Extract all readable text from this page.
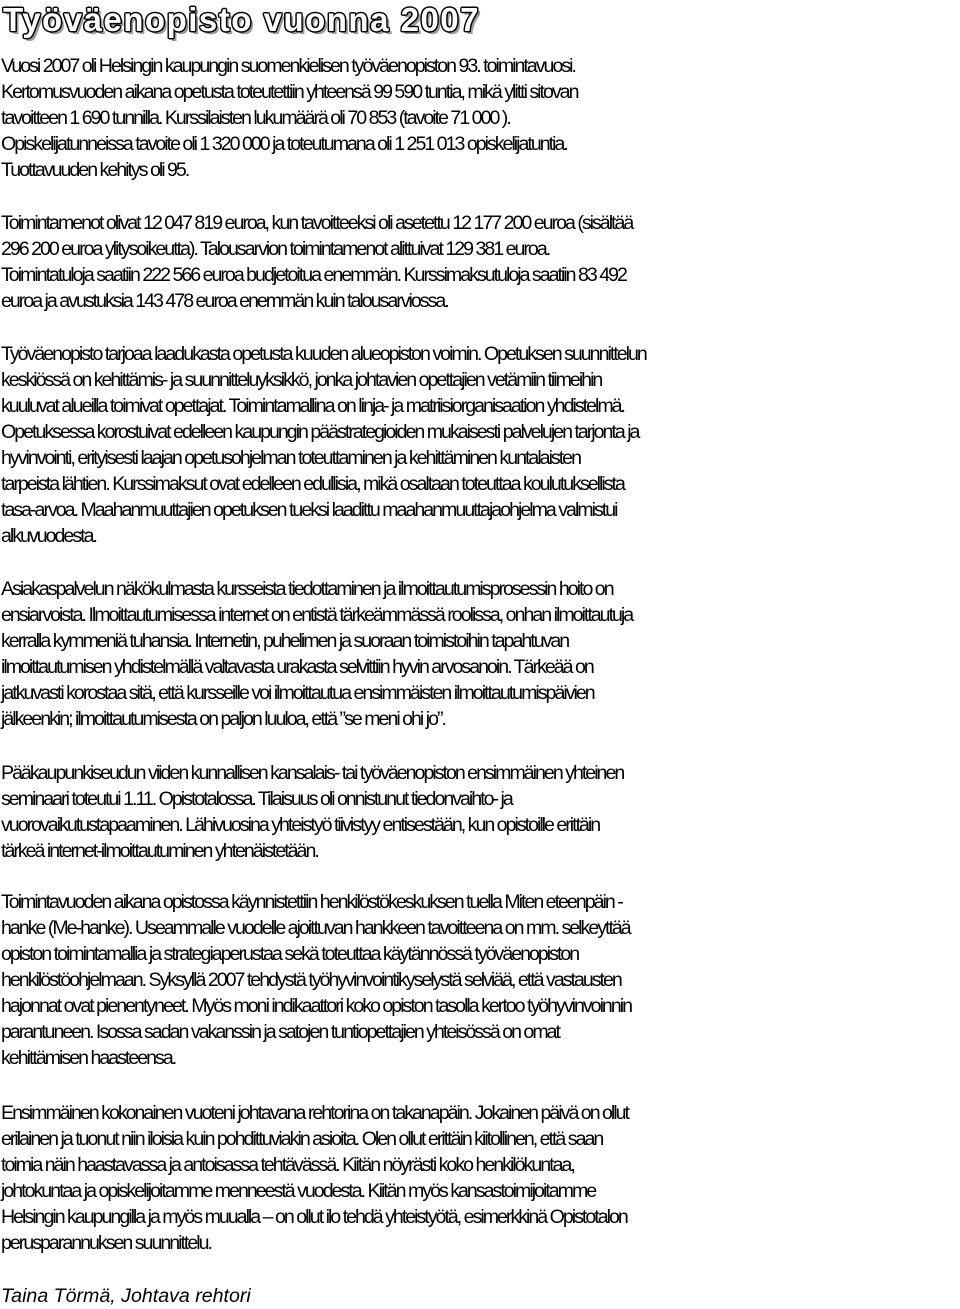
Työväenopisto vuonna 2007
Vuosi 2007 oli Helsingin kaupungin suomenkielisen työväenopiston 93. toimintavuosi.
Kertomusvuoden aikana opetusta toteutettiin yhteensä 99 590 tuntia, mikä ylitti sitovan
tavoitteen 1 690 tunnilla. Kurssilaisten lukumäärä oli 70 853 (tavoite 71 000 ).
Opiskelijatunneissa tavoite oli 1 320 000 ja toteutumana oli 1 251 013 opiskelijatuntia.
Tuottavuuden kehitys oli 95.
Toimintamenot olivat 12 047 819 euroa, kun tavoitteeksi oli asetettu 12 177 200 euroa (sisältää
296 200 euroa ylitysoikeutta). Talousarvion toimintamenot alittuivat 129 381 euroa.
Toimintatuloja saatiin 222 566 euroa budjetoitua enemmän. Kurssimaksutuloja saatiin 83 492
euroa ja avustuksia 143 478 euroa enemmän kuin talousarviossa.
Työväenopisto tarjoaa laadukasta opetusta kuuden alueopiston voimin. Opetuksen suunnittelun
keskiössä on kehittämis- ja suunnitteluyksikkö, jonka johtavien opettajien vetämiin tiimeihin
kuuluvat alueilla toimivat opettajat. Toimintamallina on linja- ja matriisiorganisaation yhdistelmä.
Opetuksessa korostuivat edelleen kaupungin päästrategioiden mukaisesti palvelujen tarjonta ja
hyvinvointi, erityisesti laajan opetusohjelman toteuttaminen ja kehittäminen kuntalaisten
tarpeista lähtien. Kurssimaksut ovat edelleen edullisia, mikä osaltaan toteuttaa koulutuksellista
tasa-arvoa. Maahanmuuttajien opetuksen tueksi laadittu maahanmuuttajaohjelma valmistui
alkuvuodesta.
Asiakaspalvelun näkökulmasta kursseista tiedottaminen ja ilmoittautumisprosessin hoito on
ensiarvoista. Ilmoittautumisessa internet on entistä tärkeämmässä roolissa, onhan ilmoittautuja
kerralla kymmeniä tuhansia. Internetin, puhelimen ja suoraan toimistoihin tapahtuvan
ilmoittautumisen yhdistelmällä valtavasta urakasta selvittiin hyvin arvosanoin. Tärkeää on
jatkuvasti korostaa sitä, että kursseille voi ilmoittautua ensimmäisten ilmoittautumispäivien
jälkeenkin; ilmoittautumisesta on paljon luuloa, että ”se meni ohi jo”.
Pääkaupunkiseudun viiden kunnallisen kansalais- tai työväenopiston ensimmäinen yhteinen
seminaari toteutui 1.11. Opistotalossa. Tilaisuus oli onnistunut tiedonvaihto- ja
vuorovaikutustapaaminen. Lähivuosina yhteistyö tiivistyy entisestään, kun opistoille erittäin
tärkeä internet-ilmoittautuminen yhtenäistetään.
Toimintavuoden aikana opistossa käynnistettiin henkilöstökeskuksen tuella Miten eteenpäin -
hanke (Me-hanke). Useammalle vuodelle ajoittuvan hankkeen tavoitteena on mm. selkeyttää
opiston toimintamallia ja strategiaperustaa sekä toteuttaa käytännössä työväenopiston
henkilöstöohjelmaan. Syksyllä 2007 tehdystä työhyvinvointikyselystä selviää, että vastausten
hajonnat ovat pienentyneet. Myös moni indikaattori koko opiston tasolla kertoo työhyvinvoinnin
parantuneen. Isossa sadan vakanssin ja satojen tuntiopettajien yhteisössä on omat
kehittämisen haasteensa.
Ensimmäinen kokonainen vuoteni johtavana rehtorina on takanapäin. Jokainen päivä on ollut
erilainen ja tuonut niin iloisia kuin pohdittuviakin asioita. Olen ollut erittäin kiitollinen, että saan
toimia näin haastavassa ja antoisassa tehtävässä. Kiitän nöyrästi koko henkilökuntaa,
johtokuntaa ja opiskelijoitamme menneestä vuodesta. Kiitän myös kansastoimijoitamme
Helsingin kaupungilla ja myös muualla – on ollut ilo tehdä yhteistyötä, esimerkkinä Opistotalon
perusparannuksen suunnittelu.

Taina Törmä, Johtava rehtori
